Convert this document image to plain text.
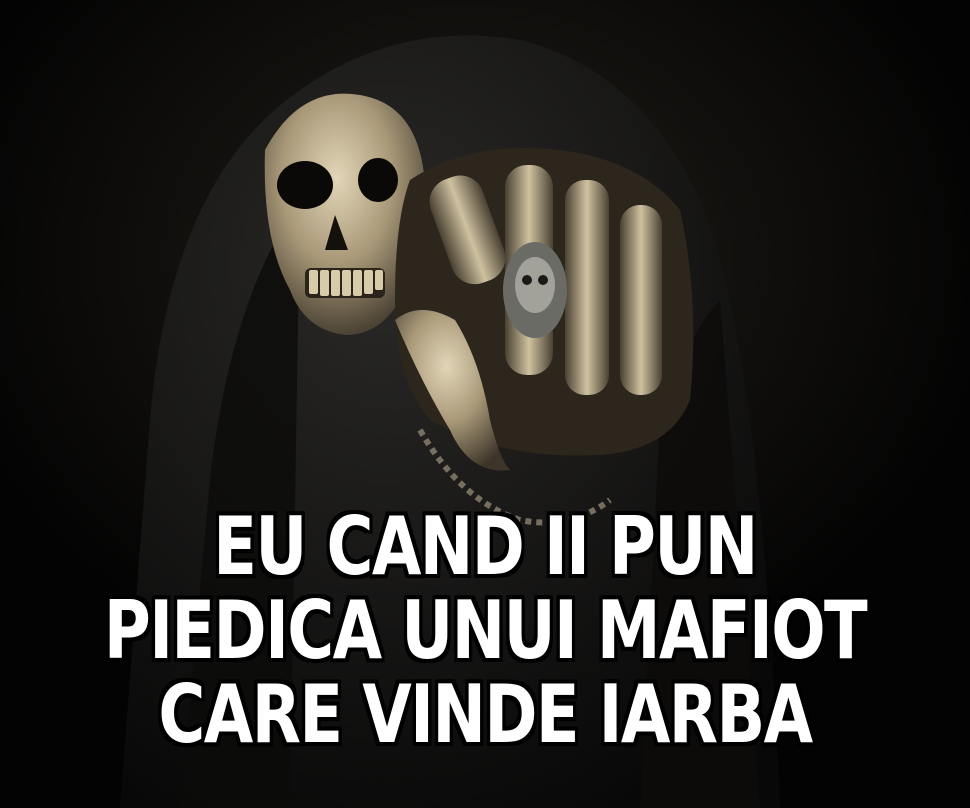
EU CAND II PUN
PIEDICA UNUI MAFIOT
CARE VINDE IARBA
